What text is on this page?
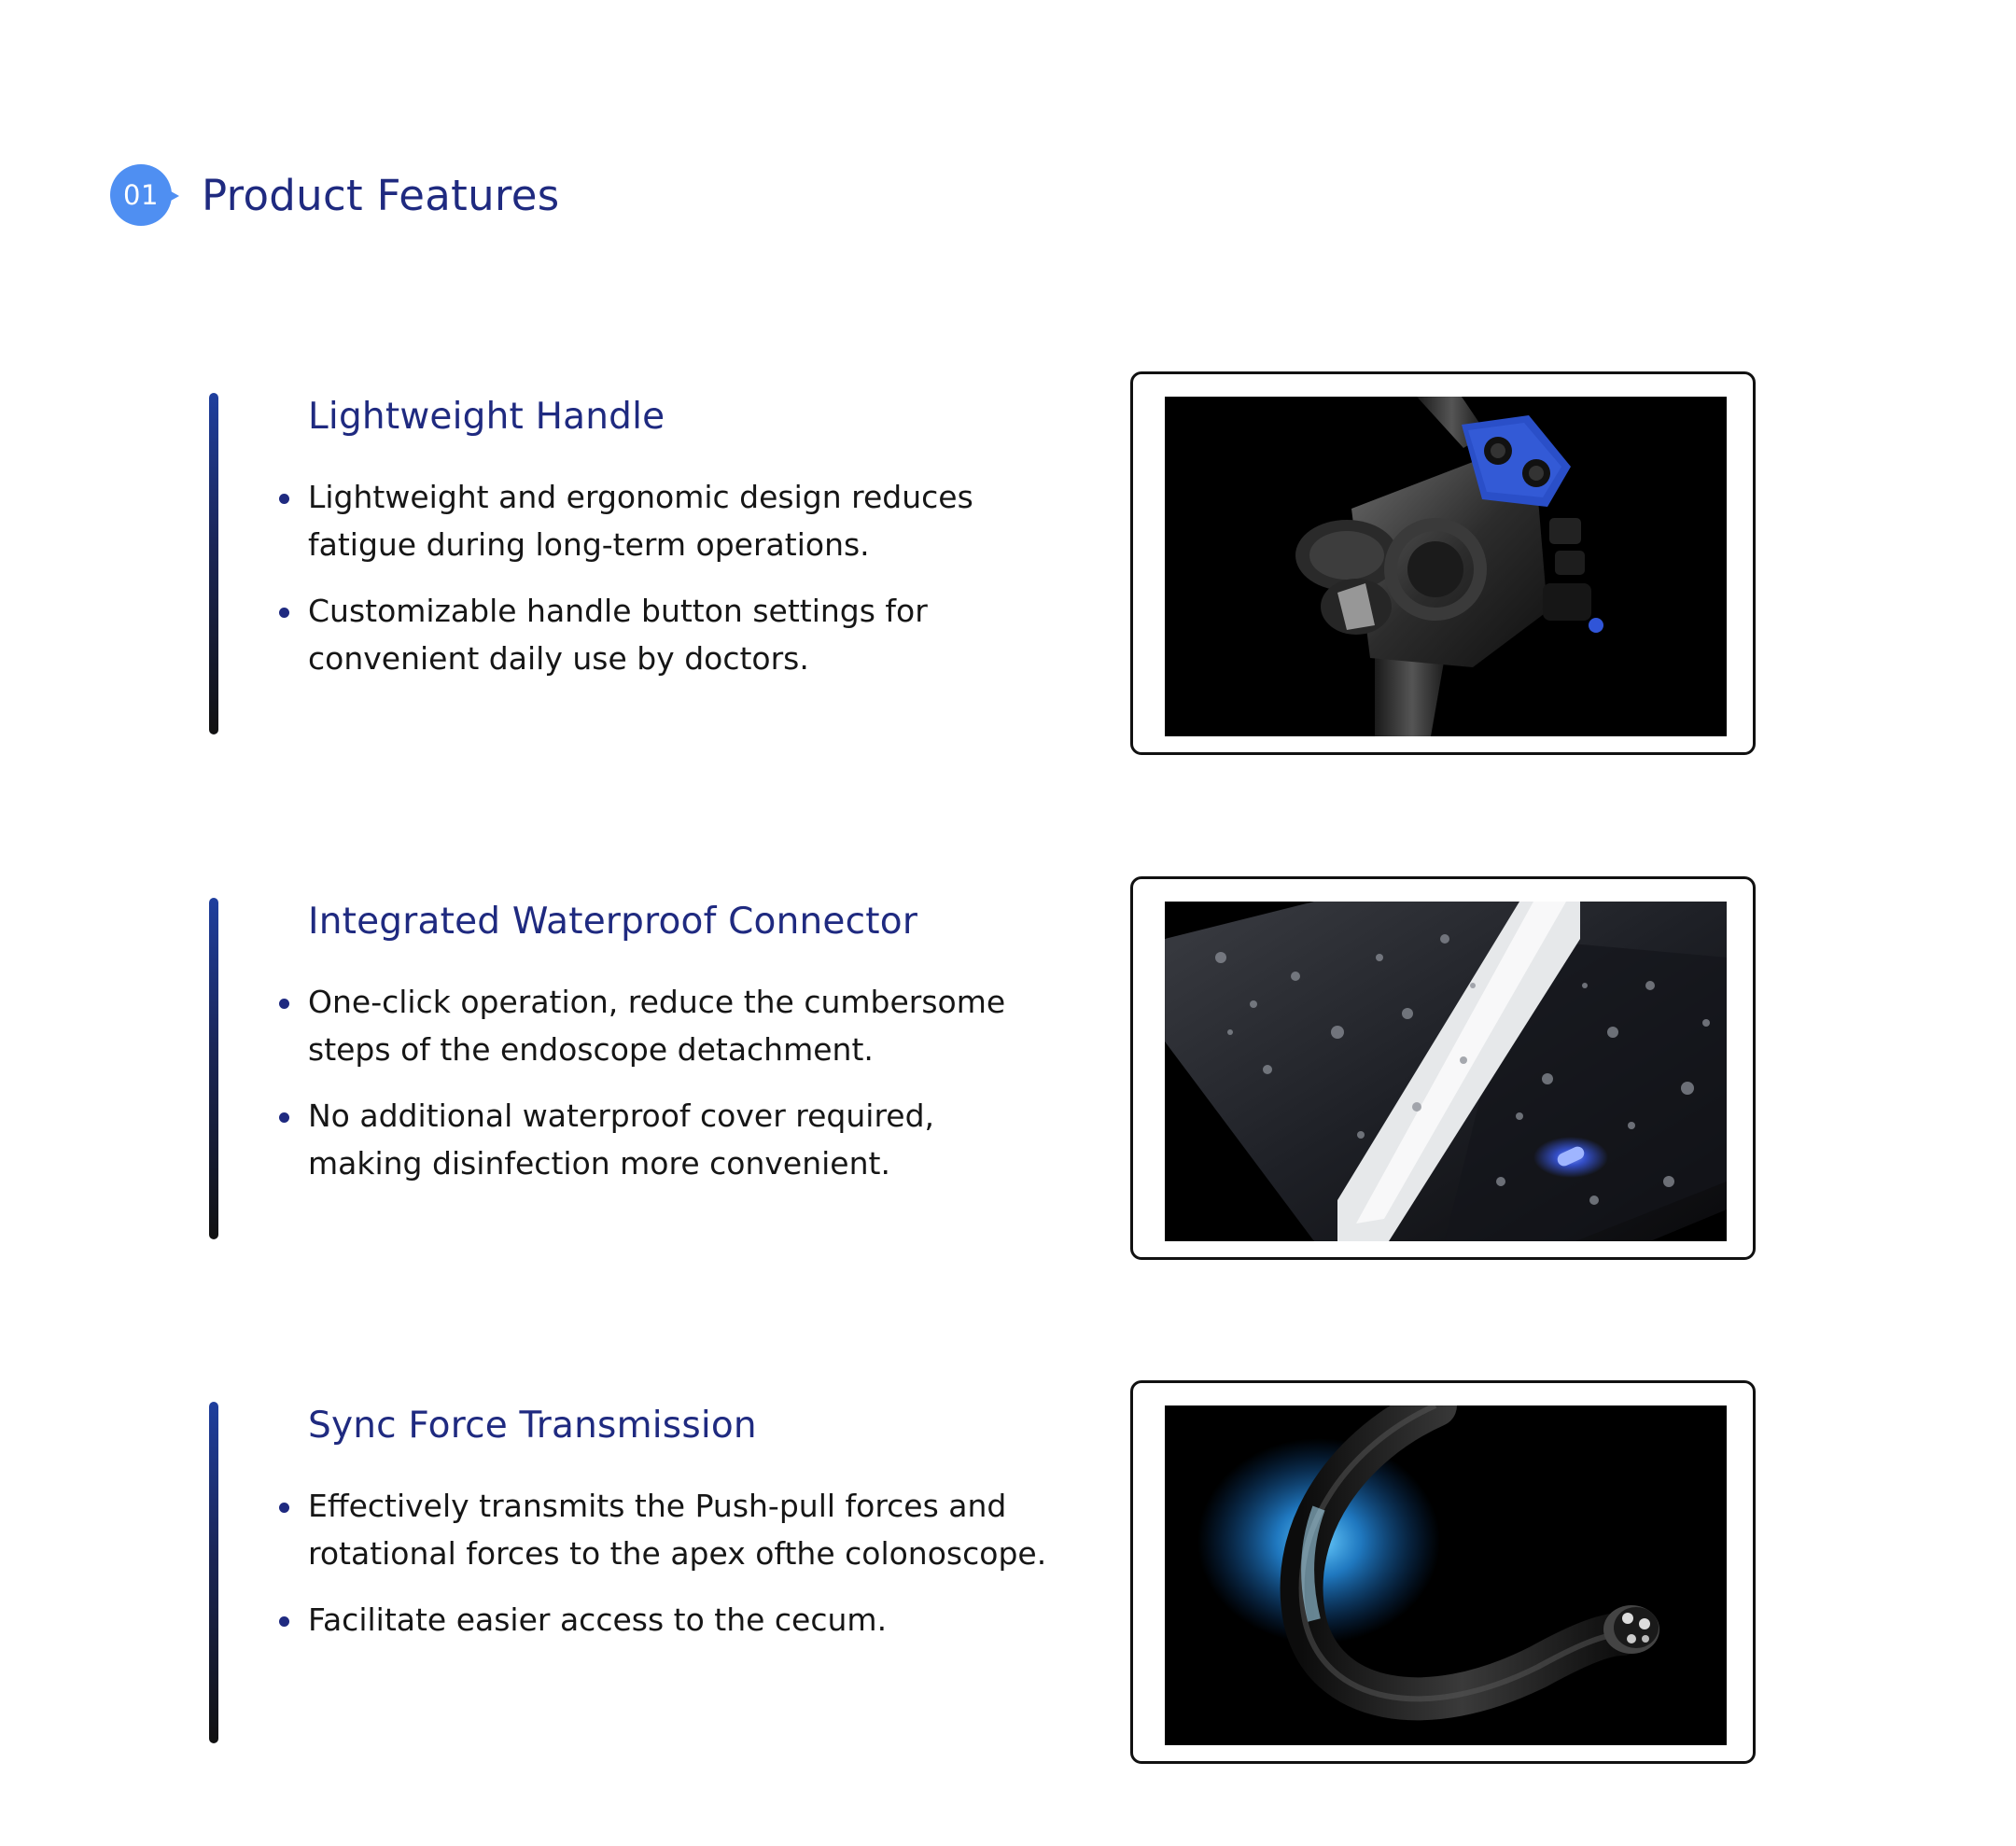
01	Product Features
Lightweight Handle
Lightweight and ergonomic design reduces fatigue during long-term operations.
Customizable handle button settings for convenient daily use by doctors.
Integrated Waterproof Connector
One-click operation, reduce the cumbersome steps of the endoscope detachment.
No additional waterproof cover required, making disinfection more convenient.
Sync Force Transmission
Effectively transmits the Push-pull forces and rotational forces to the apex ofthe colonoscope.
Facilitate easier access to the cecum.
